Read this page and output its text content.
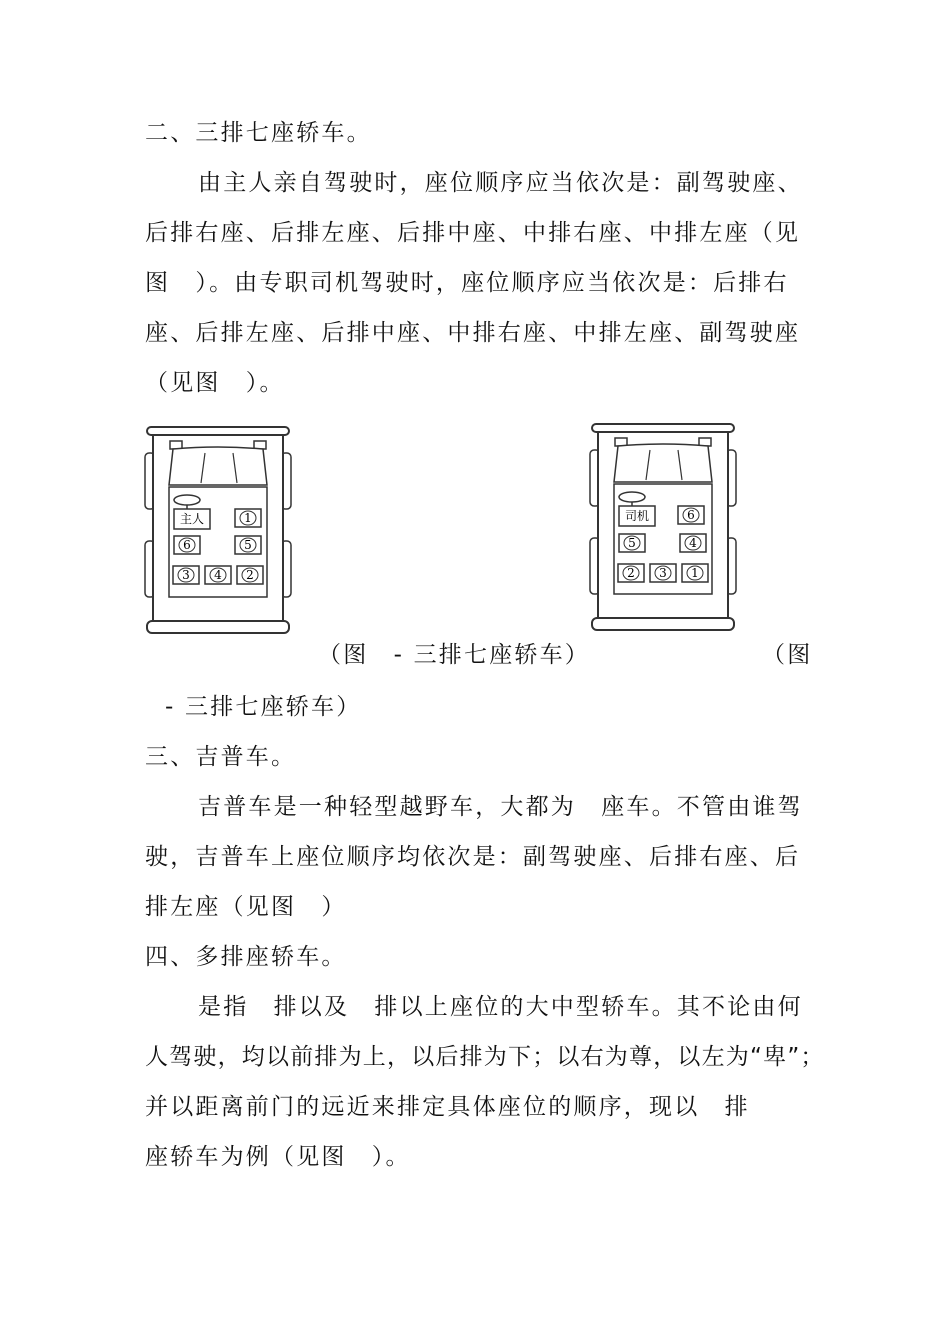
二、三排七座轿车。
由主人亲自驾驶时，座位顺序应当依次是：副驾驶座、
后排右座、后排左座、后排中座、中排右座、中排左座（见
图　）。由专职司机驾驶时，座位顺序应当依次是：后排右
座、后排左座、后排中座、中排右座、中排左座、副驾驶座
（见图　）。
主人	1
6	5
3 4 2
司机	6
5	4
2 3 1
（图　- 三排七座轿车）	（图
- 三排七座轿车）
三、吉普车。
吉普车是一种轻型越野车，大都为　座车。不管由谁驾
驶，吉普车上座位顺序均依次是：副驾驶座、后排右座、后
排左座（见图　）
四、多排座轿车。
是指　排以及　排以上座位的大中型轿车。其不论由何
人驾驶，均以前排为上，以后排为下；以右为尊，以左为“卑”；
并以距离前门的远近来排定具体座位的顺序，现以　排
座轿车为例（见图　）。
